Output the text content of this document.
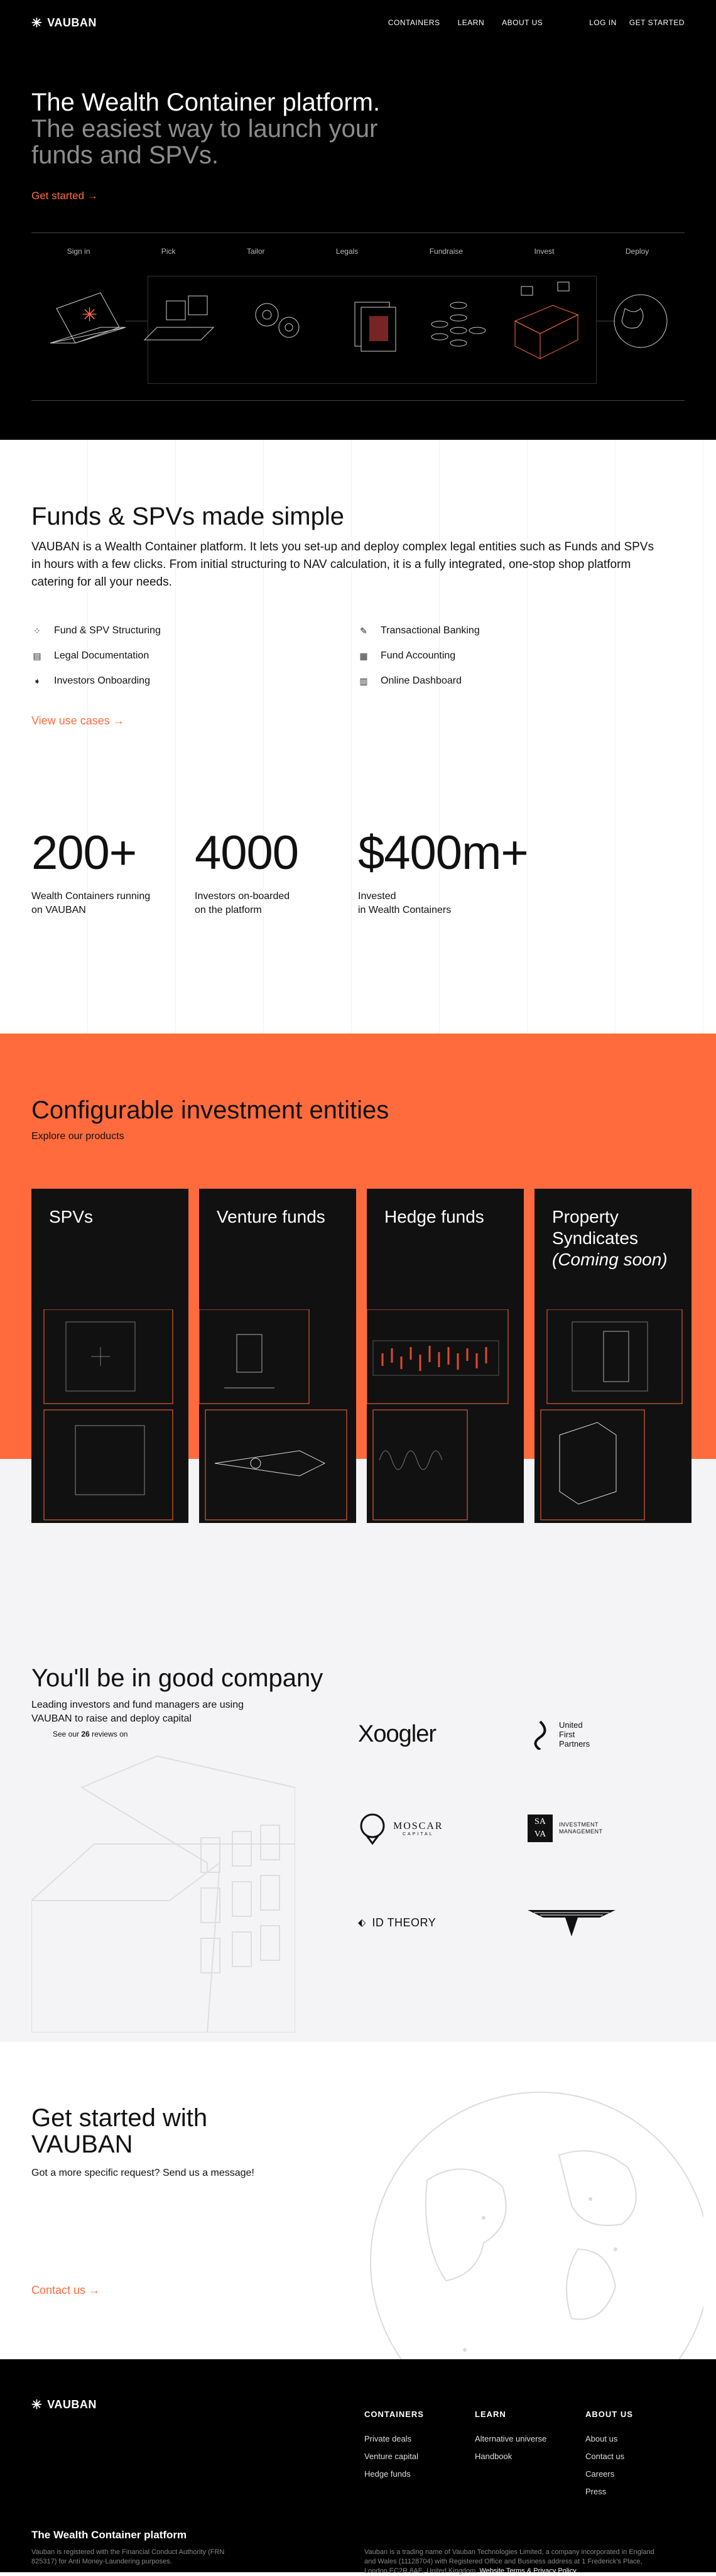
✳ VAUBAN	CONTAINERS LEARN ABOUT US	LOG IN GET STARTED
The Wealth Container platform. The easiest way to launch your funds and SPVs.
Get started →
Sign in	Pick	Tailor	Legals	Fundraise	Invest	Deploy
✳
Funds & SPVs made simple

VAUBAN is a Wealth Container platform. It lets you set-up and deploy complex legal entities such as Funds and SPVs in hours with a few clicks. From initial structuring to NAV calculation, it is a fully integrated, one-stop shop platform catering for all your needs.

⁘ Fund & SPV Structuring	✎ Transactional Banking
▤ Legal Documentation	▦ Fund Accounting
➧ Investors Onboarding	▥ Online Dashboard
View use cases →
200+
Wealth Containers running
on VAUBAN
4000
Investors on-boarded
on the platform
$400m+
Invested
in Wealth Containers
Configurable investment entities
Explore our products
SPVs	Venture funds	Hedge funds	Property Syndicates
(Coming soon)
You'll be in good company
Leading investors and fund managers are using VAUBAN to raise and deploy capital
See our 26 reviews on	Xoogler	United
First
Partners
MOSCAR
CAPITAL
SA
VA
INVESTMENT
MANAGEMENT
⬖ ID THEORY
Get started with VAUBAN
Got a more specific request? Send us a message!
Contact us →
✳ VAUBAN
CONTAINERS
Private deals
Venture capital
Hedge funds
LEARN
Alternative universe
Handbook
ABOUT US
About us
Contact us
Careers
Press
The Wealth Container platform
Vauban is registered with the Financial Conduct Authority (FRN 825317) for Anti Money-Laundering purposes.
Vauban is a trading name of Vauban Technologies Limited, a company incorporated in England and Wales (11128704) with Registered Office and Business address at 1 Frederick's Place, London EC2R 8AE, United Kingdom. Website Terms & Privacy Policy.
